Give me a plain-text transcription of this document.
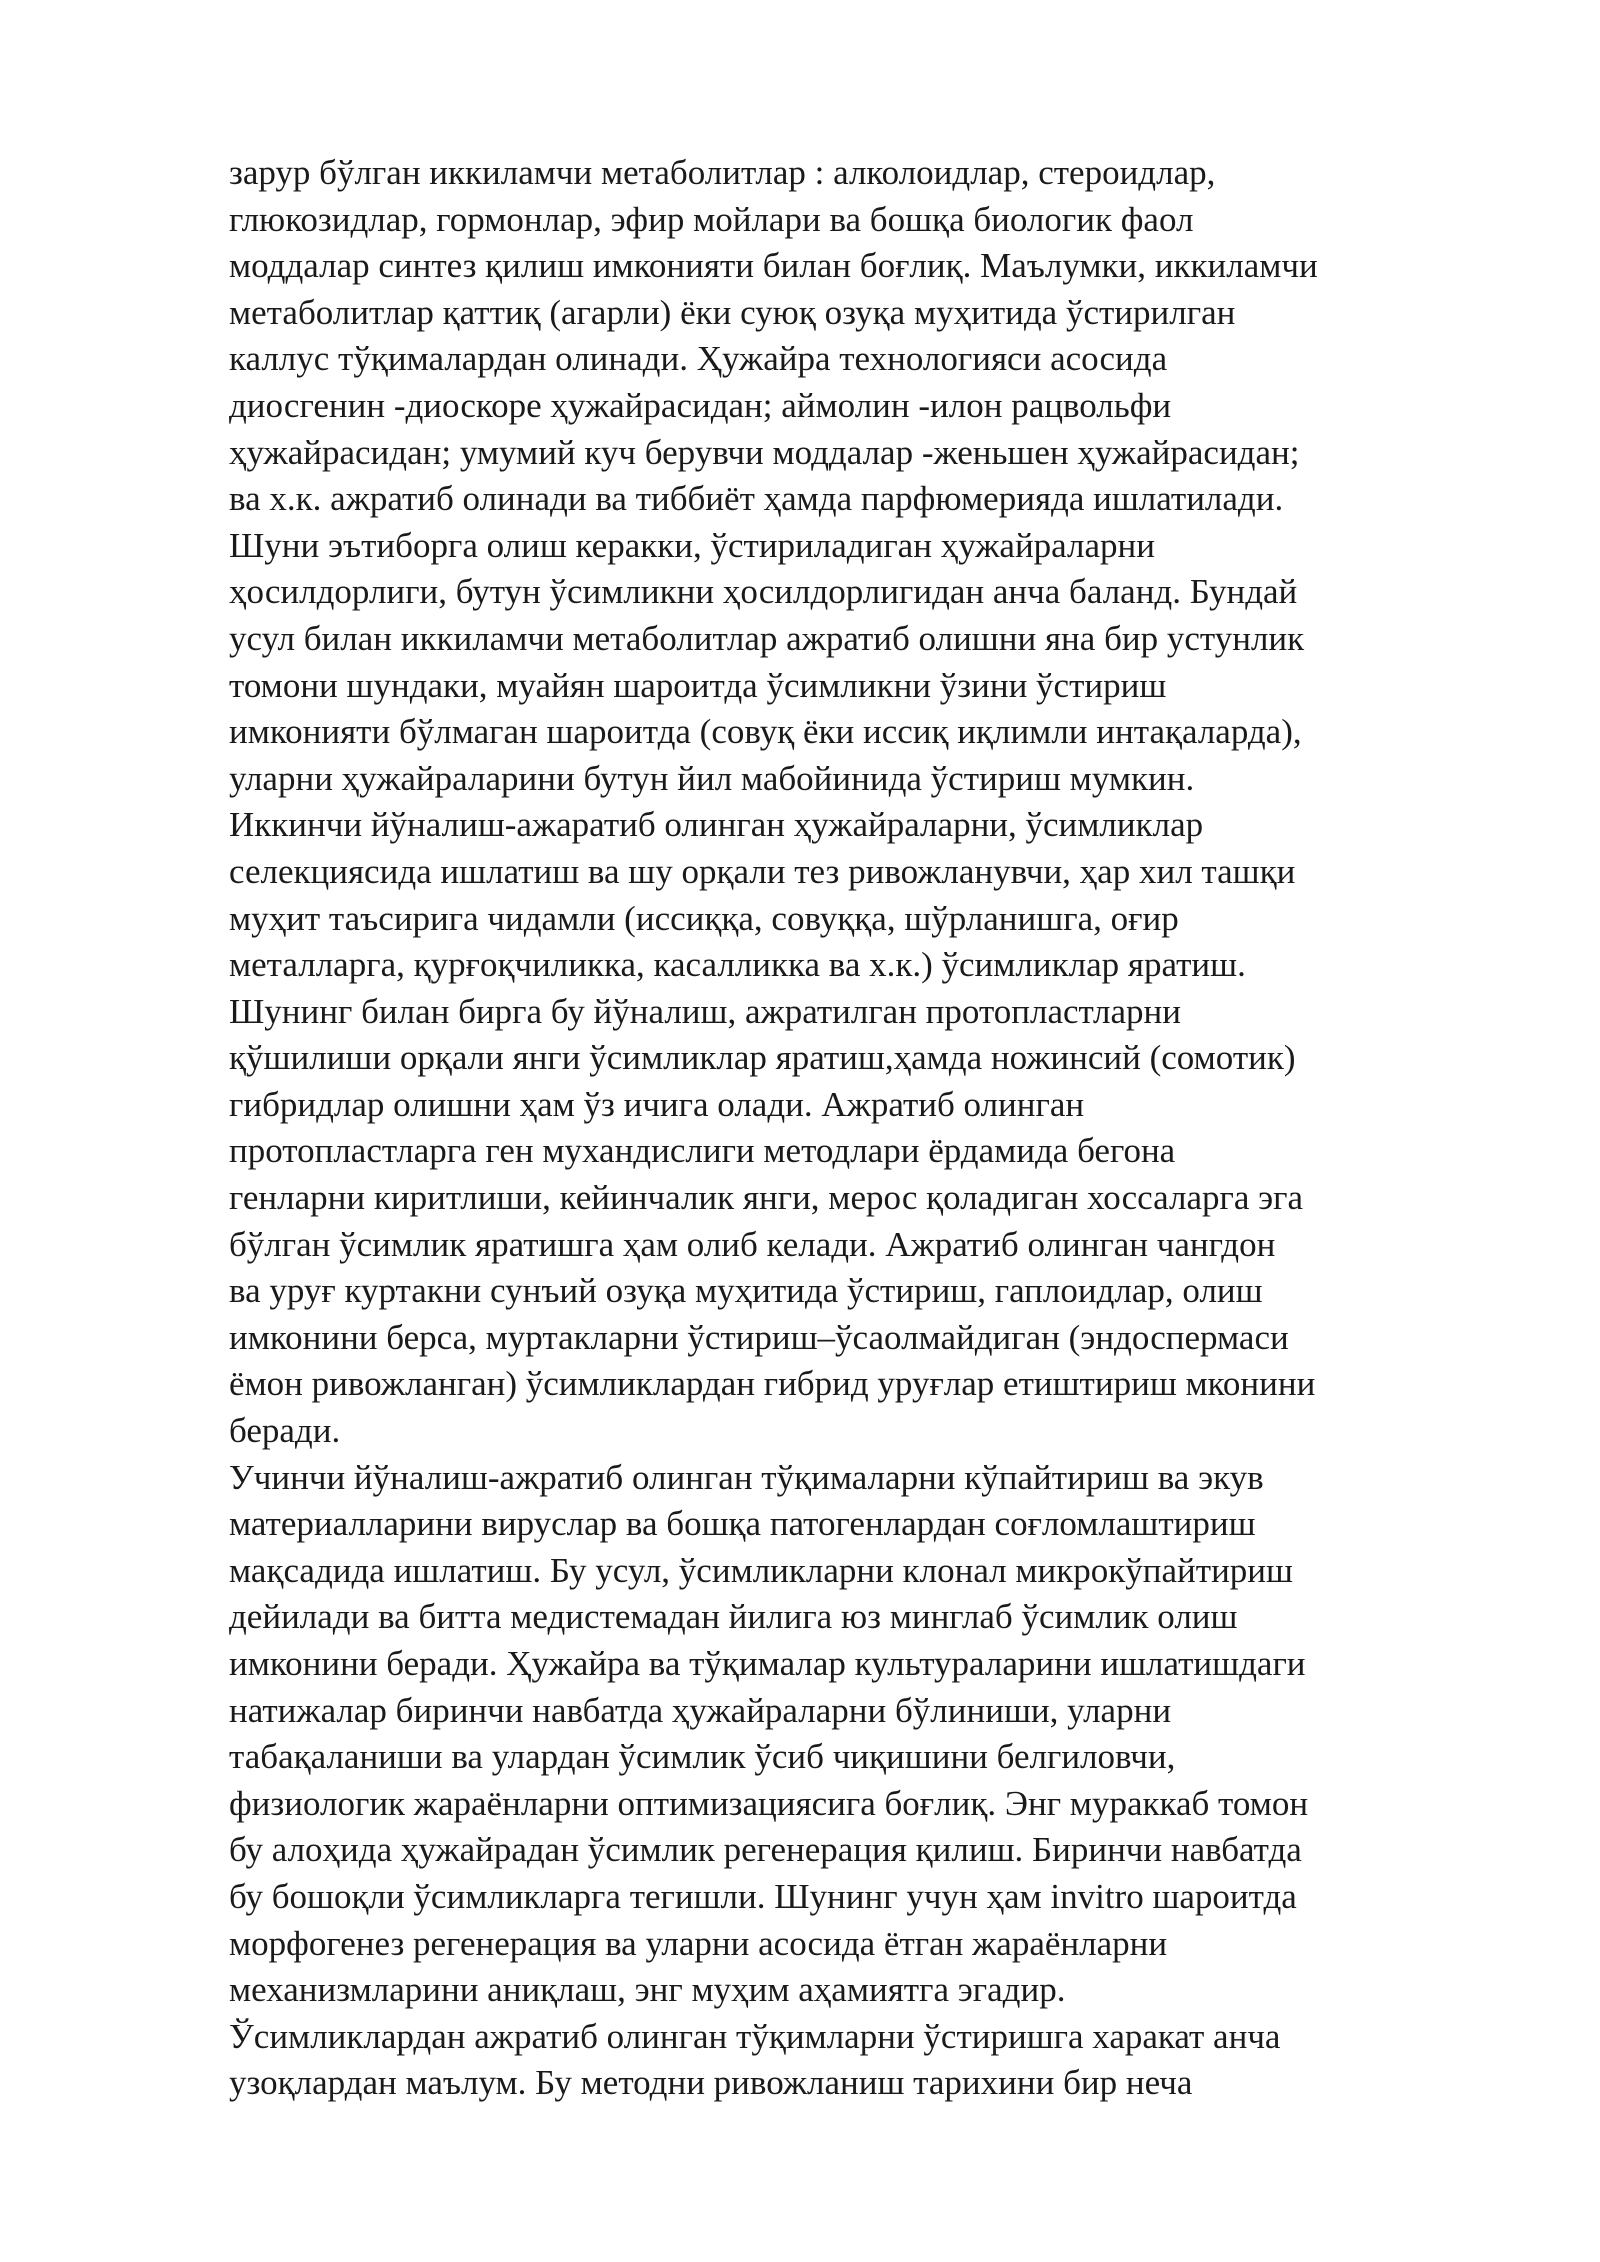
зарур бўлган иккиламчи метаболитлар : алколоидлар, стероидлар,
глюкозидлар, гормонлар, эфир мойлари ва бошқа биологик фаол
моддалар синтез қилиш имконияти билан боғлиқ. Маълумки, иккиламчи
метаболитлар қаттиқ (агарли) ёки суюқ озуқа муҳитида ўстирилган
каллус тўқималардан олинади. Ҳужайра технологияси асосида
диосгенин -диоскоре ҳужайрасидан; аймолин -илон рацвольфи
ҳужайрасидан; умумий куч берувчи моддалар -женьшен ҳужайрасидан;
ва х.к. ажратиб олинади ва тиббиёт ҳамда парфюмерияда ишлатилади.
Шуни эътиборга олиш керакки, ўстириладиган ҳужайраларни
ҳосилдорлиги, бутун ўсимликни ҳосилдорлигидан анча баланд. Бундай
усул билан иккиламчи метаболитлар ажратиб олишни яна бир устунлик
томони шундаки, муайян шароитда ўсимликни ўзини ўстириш
имконияти бўлмаган шароитда (совуқ ёки иссиқ иқлимли интақаларда),
уларни ҳужайраларини бутун йил мабойинида ўстириш мумкин.
Иккинчи йўналиш-ажаратиб олинган ҳужайраларни, ўсимликлар
селекциясида ишлатиш ва шу орқали тез ривожланувчи, ҳар хил ташқи
муҳит таъсирига чидамли (иссиққа, совуққа, шўрланишга, оғир
металларга, қурғоқчиликка, касалликка ва х.к.) ўсимликлар яратиш.
Шунинг билан бирга бу йўналиш, ажратилган протопластларни
қўшилиши орқали янги ўсимликлар яратиш,ҳамда ножинсий (сомотик)
гибридлар олишни ҳам ўз ичига олади. Ажратиб олинган
протопластларга ген мухандислиги методлари ёрдамида бегона
генларни киритлиши, кейинчалик янги, мерос қоладиган хоссаларга эга
бўлган ўсимлик яратишга ҳам олиб келади. Ажратиб олинган чангдон
ва уруғ куртакни сунъий озуқа муҳитида ўстириш, гаплоидлар, олиш
имконини берса, муртакларни ўстириш–ўсаолмайдиган (эндоспермаси
ёмон ривожланган) ўсимликлардан гибрид уруғлар етиштириш мконини
беради.
Учинчи йўналиш-ажратиб олинган тўқималарни кўпайтириш ва экув
материалларини вируслар ва бошқа патогенлардан соғломлаштириш
мақсадида ишлатиш. Бу усул, ўсимликларни клонал микрокўпайтириш
дейилади ва битта медистемадан йилига юз минглаб ўсимлик олиш
имконини беради. Ҳужайра ва тўқималар культураларини ишлатишдаги
натижалар биринчи навбатда ҳужайраларни бўлиниши, уларни
табақаланиши ва улардан ўсимлик ўсиб чиқишини белгиловчи,
физиологик жараёнларни оптимизациясига боғлиқ. Энг мураккаб томон
бу алоҳида ҳужайрадан ўсимлик регенерация қилиш. Биринчи навбатда
бу бошоқли ўсимликларга тегишли. Шунинг учун ҳам invitro шароитда
морфогенез регенерация ва уларни асосида ётган жараёнларни
механизмларини аниқлаш, энг муҳим аҳамиятга эгадир.
Ўсимликлардан ажратиб олинган тўқимларни ўстиришга харакат анча
узоқлардан маълум. Бу методни ривожланиш тарихини бир неча
